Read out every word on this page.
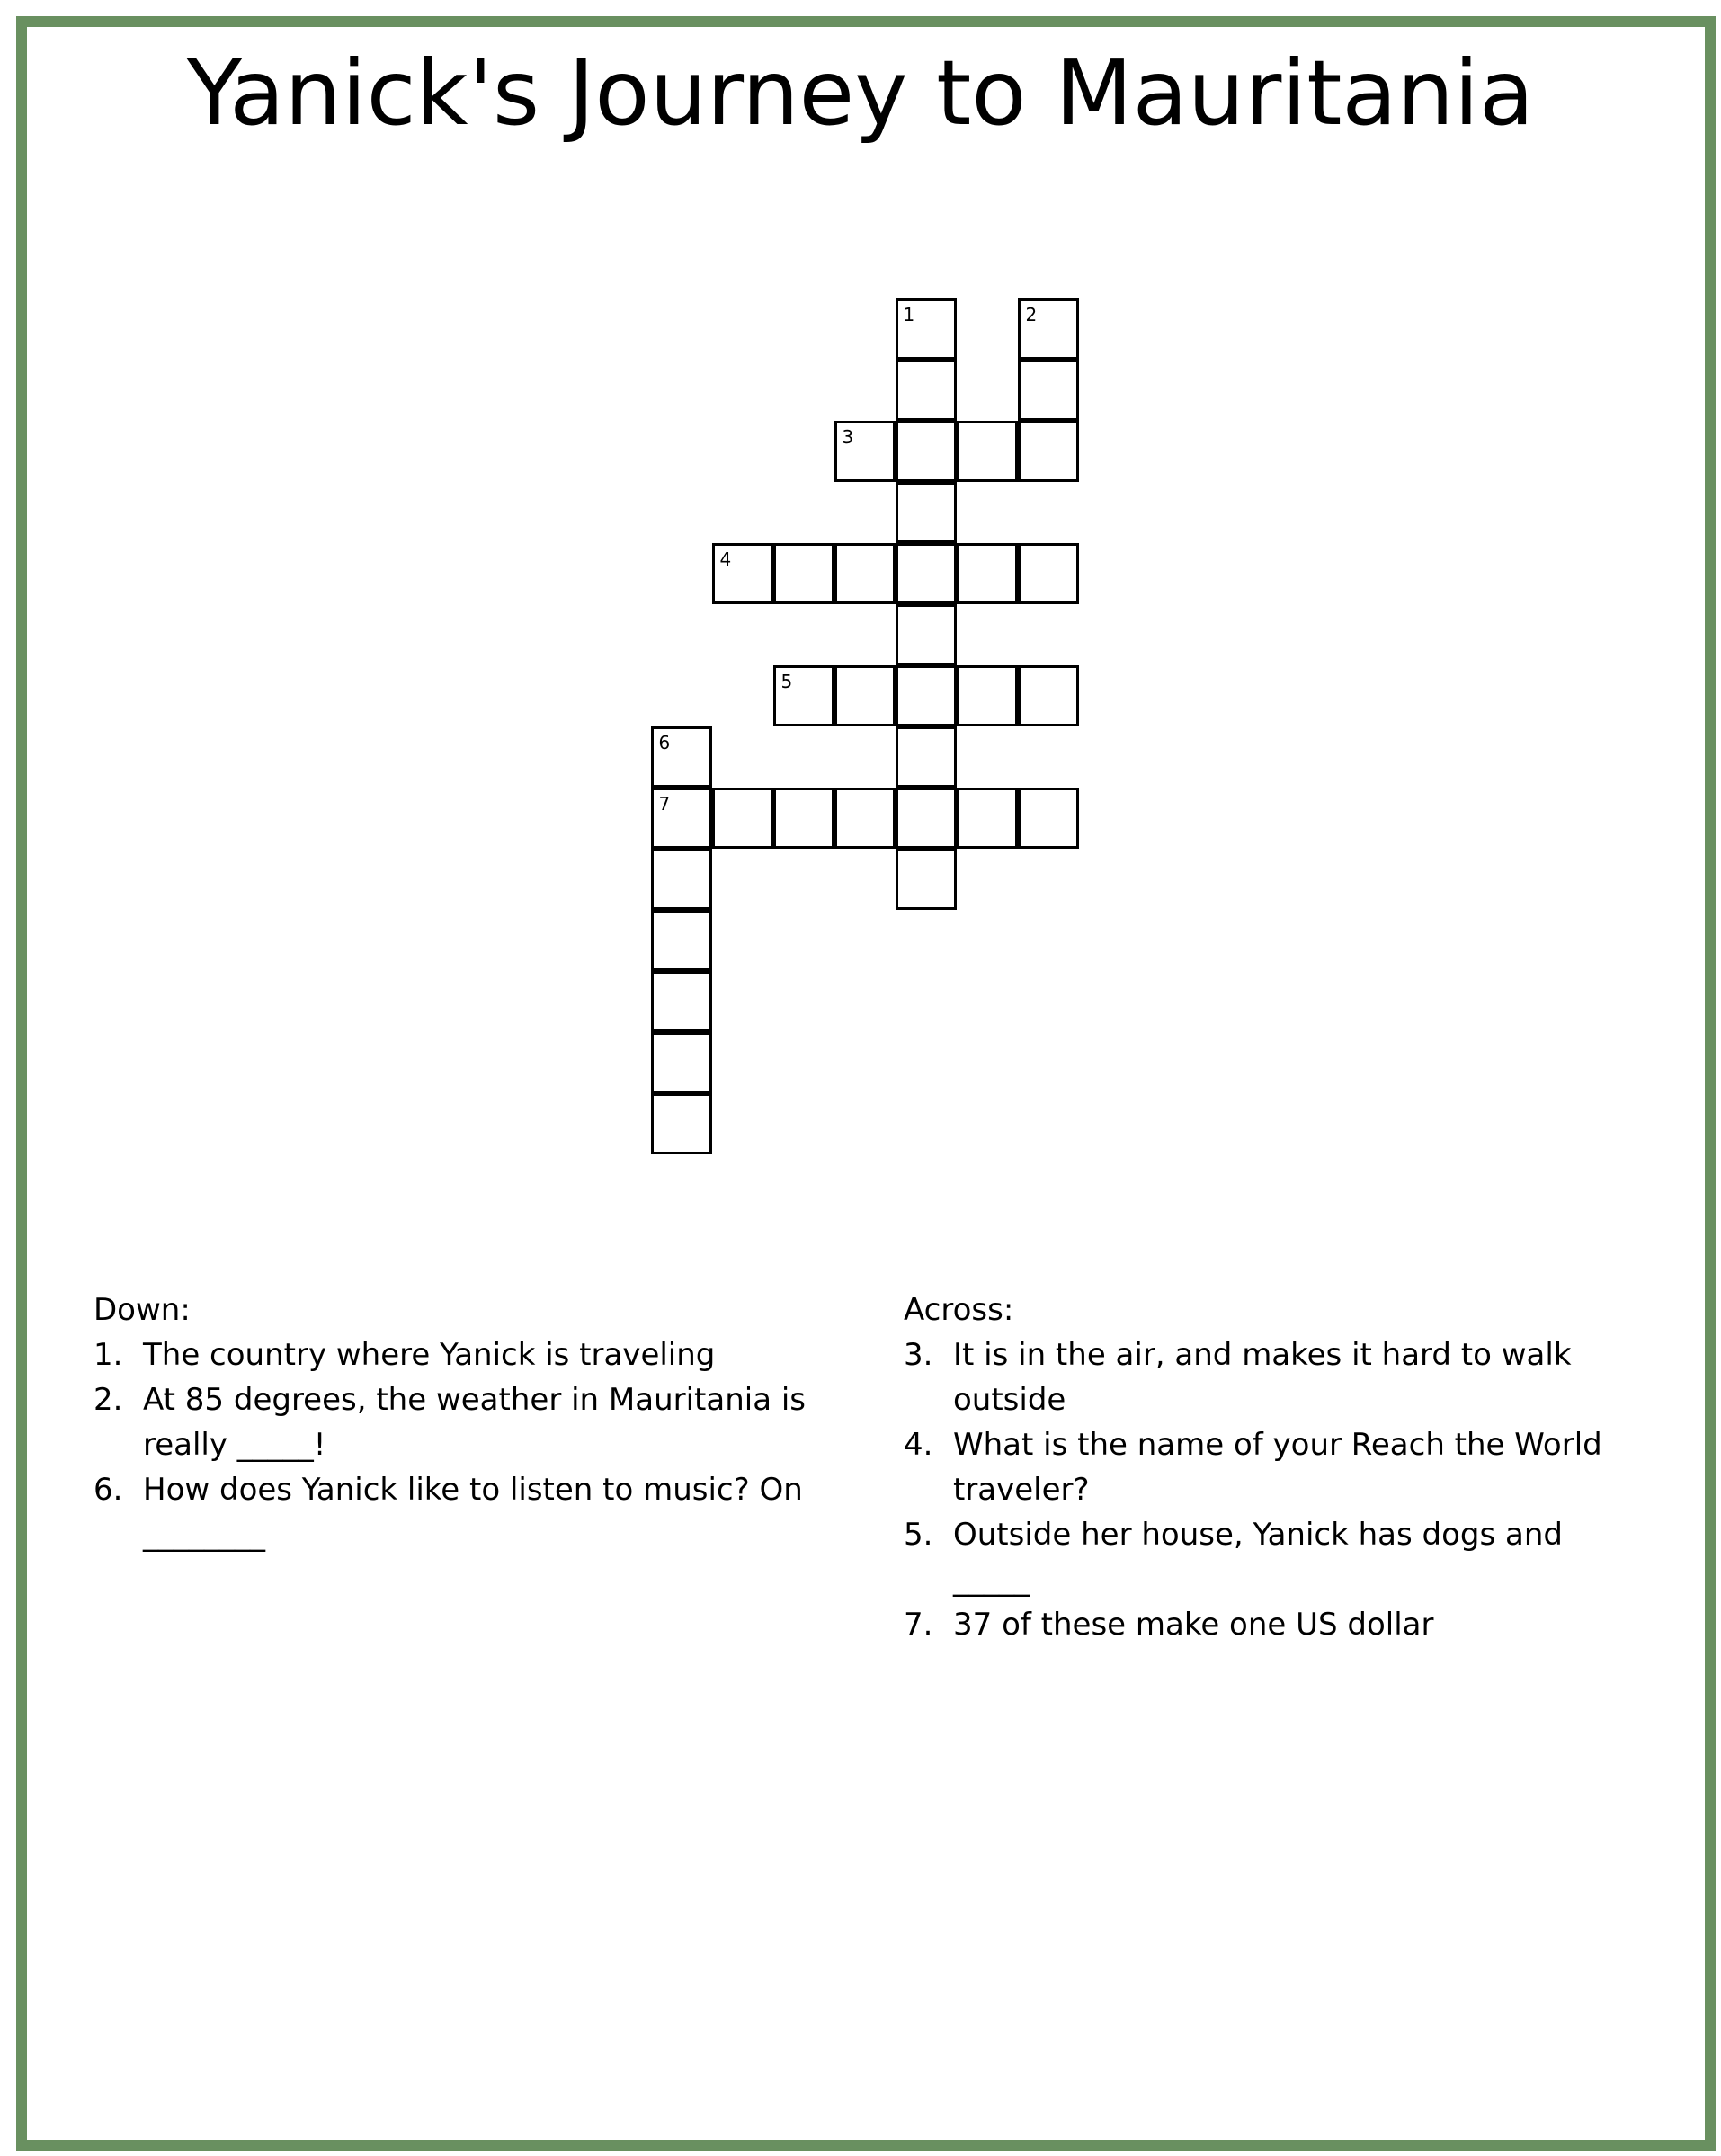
Yanick's Journey to Mauritania
1	2
3
4
5
6
7

Down:

1. The country where Yanick is traveling

2. At 85 degrees, the weather in Mauritania is really _____!

6. How does Yanick like to listen to music? On ________

Across:

3. It is in the air, and makes it hard to walk outside

4. What is the name of your Reach the World traveler?

5. Outside her house, Yanick has dogs and _____

7. 37 of these make one US dollar
